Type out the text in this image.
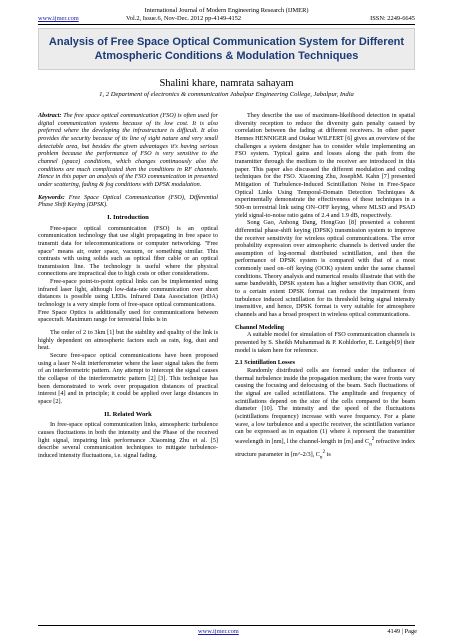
International Journal of Modern Engineering Research (IJMER)
www.ijmer.com	Vol.2, Issue.6, Nov-Dec. 2012 pp-4149-4152	ISSN: 2249-6645
Analysis of Free Space Optical Communication System for Different Atmospheric Conditions & Modulation Techniques
Shalini khare, namrata sahayam
1, 2 Department of electronics & communication Jabalpur Engineering College, Jabalpur, India

Abstract: The free space optical communication (FSO) is often used for digital communication systems because of its low cost. It is also preferred where the developing the infrastructure is difficult. It also provides the security because of its line of sight nature and very small detectable area, but besides the given advantages it's having serious problem because the performance of FSO is very sensitive to the channel (space) conditions, which changes continuously also the conditions are much complicated then the conditions in RF channels. Hence in this paper an analysis of the FSO communication in presented under scattering, fading & fog conditions with DPSK modulation.

Keywords: Free Space Optical Communication (FSO), Differential Phase Shift Keying (DPSK).

I. Introduction

Free-space optical communication (FSO) is an optical communication technology that use slight propagating in free space to transmit data for telecommunications or computer networking. "Free space" means air, outer space, vacuum, or something similar. This contrasts with using solids such as optical fiber cable or an optical transmission line. The technology is useful where the physical connections are impractical due to high costs or other considerations.

Free-space point-to-point optical links can be implemented using infrared laser light, although low-data-rate communication over short distances is possible using LEDs. Infrared Data Association (IrDA) technology is a very simple form of free-space optical communications.

Free Space Optics is additionally used for communications between spacecraft. Maximum range for terrestrial links is in

The order of 2 to 3km [1] but the stability and quality of the link is highly dependent on atmospheric factors such as rain, fog, dust and heat.

Secure free-space optical communications have been proposed using a laser N-slit interferometer where the laser signal takes the form of an interferometric pattern. Any attempt to intercept the signal causes the collapse of the interferometric pattern [2] [3]. This technique has been demonstrated to work over propagation distances of practical interest [4] and in principle; it could be applied over large distances in space [2].

II. Related Work

In free-space optical communication links, atmospheric turbulence causes fluctuations in both the intensity and the Phase of the received light signal, impairing link performance .Xiaoming Zhu et al. [5] describe several communication techniques to mitigate turbulence-induced intensity fluctuations, i.e. signal fading.

They describe the use of maximum-likelihood detection in spatial diversity reception to reduce the diversity gain penalty caused by correlation between the fading at different receivers. In other paper Hennes HENNIGER and Otakar WILFERT [6] gives an overview of the challenges a system designer has to consider while implementing an FSO system. Typical gains and losses along the path from the transmitter through the medium to the receiver are introduced in this paper. This paper also discussed the different modulation and coding techniques for the FSO. Xiaoming Zhu, JosephM. Kahn [7] presented Mitigation of Turbulence-Induced Scintillation Noise in Free-Space Optical Links Using Temporal-Domain Detection Techniques & experimentally demonstrate the effectiveness of these techniques in a 500-m terrestrial link using ON–OFF keying, where MLSD and PSAD yield signal-to-noise ratio gains of 2.4 and 1.9 dB, respectively.

Song Gao, Anhong Dang, HongGuo [8] presented a coherent differential phase-shift keying (DPSK) transmission system to improve the receiver sensitivity for wireless optical communications. The error probability expression over atmospheric channels is derived under the assumption of log-normal distributed scintillation, and then the performance of DPSK system is compared with that of a most commonly used on–off keying (OOK) system under the same channel conditions. Theory analysis and numerical results illustrate that with the same bandwidth, DPSK system has a higher sensitivity than OOK, and to a certain extent DPSK format can reduce the impairment from turbulence induced scintillation for its threshold being signal intensity insensitive, and hence, DPSK format is very suitable for atmosphere channels and has a broad prospect in wireless optical communications.

Channel Modeling

A suitable model for simulation of FSO communication channels is presented by S. Sheikh Muhammad & P. Kohldorfer, E. Leitgeb[9] their model is taken here for reference.

2.1 Scintillation Losses

Randomly distributed cells are formed under the influence of thermal turbulence inside the propagation medium; the wave fronts vary causing the focusing and defocusing of the beam. Such fluctuations of the signal are called scintillations. The amplitude and frequency of scintillations depend on the size of the cells compared to the beam diameter [10]. The intensity and the speed of the fluctuations (scintillations frequency) increase with wave frequency. For a plane wave, a low turbulence and a specific receiver, the scintillation variance can be expressed as in equation (1) where λ represent the transmitter wavelength in [nm], l the channel-length in [m] and $C_n^2$ refractive index structure parameter in [m^-2/3], $C_n^2$ is

www.ijmer.com	4149 | Page
